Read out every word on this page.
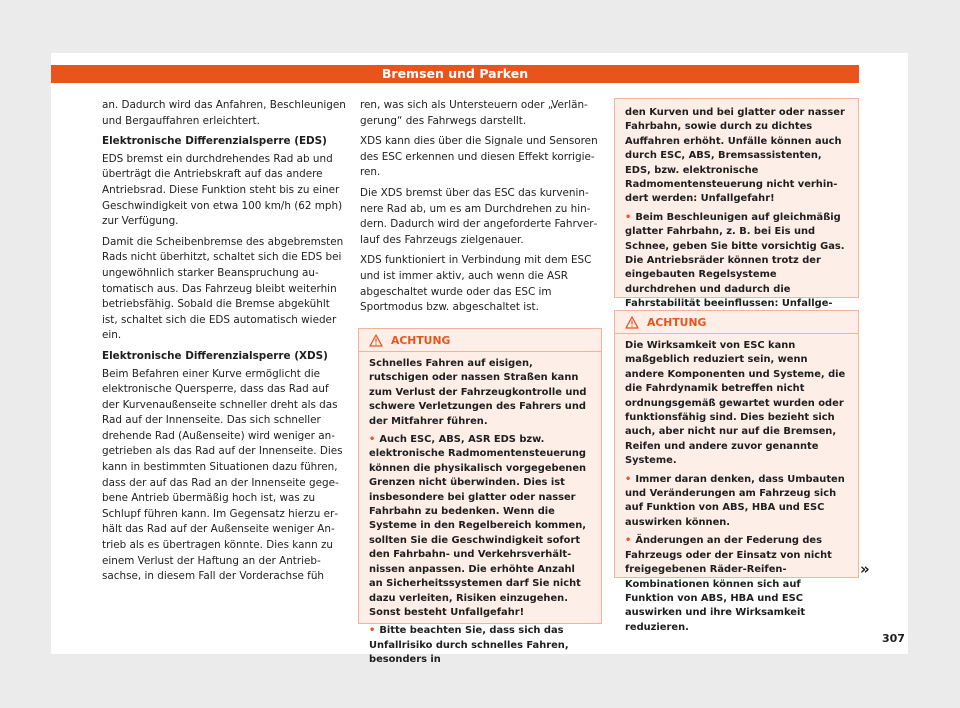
Bremsen und Parken

an. Dadurch wird das Anfahren, Beschleunigen und Bergauffahren erleichtert.

Elektronische Differenzialsperre (EDS)

EDS bremst ein durchdrehendes Rad ab und überträgt die Antriebskraft auf das andere Antriebsrad. Diese Funktion steht bis zu einer Geschwindigkeit von etwa 100 km/h (62 mph) zur Verfügung.

Damit die Scheibenbremse des abgebremsten Rads nicht überhitzt, schaltet sich die EDS bei ungewöhnlich starker Beanspruchung automatisch aus. Das Fahrzeug bleibt weiterhin betriebsfähig. Sobald die Bremse abgekühlt ist, schaltet sich die EDS automatisch wieder ein.

Elektronische Differenzialsperre (XDS)

Beim Befahren einer Kurve ermöglicht die elektronische Quersperre, dass das Rad auf der Kurvenaußenseite schneller dreht als das Rad auf der Innenseite. Das sich schneller drehende Rad (Außenseite) wird weniger angetrieben als das Rad auf der Innenseite. Dies kann in bestimmten Situationen dazu führen, dass der auf das Rad an der Innenseite gegebene Antrieb übermäßig hoch ist, was zu Schlupf führen kann. Im Gegensatz hierzu erhält das Rad auf der Außenseite weniger Antrieb als es übertragen könnte. Dies kann zu einem Verlust der Haftung an der Antriebsachse, in diesem Fall der Vorderachse füh

ren, was sich als Untersteuern oder „Verlängerung“ des Fahrwegs darstellt.

XDS kann dies über die Signale und Sensoren des ESC erkennen und diesen Effekt korrigieren.

Die XDS bremst über das ESC das kurveninnere Rad ab, um es am Durchdrehen zu hindern. Dadurch wird der angeforderte Fahrverlauf des Fahrzeugs zielgenauer.

XDS funktioniert in Verbindung mit dem ESC und ist immer aktiv, auch wenn die ASR abgeschaltet wurde oder das ESC im Sportmodus bzw. abgeschaltet ist.

ACHTUNG

Schnelles Fahren auf eisigen, rutschigen oder nassen Straßen kann zum Verlust der Fahrzeugkontrolle und schwere Verletzungen des Fahrers und der Mitfahrer führen.

• Auch ESC, ABS, ASR EDS bzw. elektronische Radmomentensteuerung können die physikalisch vorgegebenen Grenzen nicht überwinden. Dies ist insbesondere bei glatter oder nasser Fahrbahn zu bedenken. Wenn die Systeme in den Regelbereich kommen, sollten Sie die Geschwindigkeit sofort den Fahrbahn- und Verkehrsverhältnissen anpassen. Die erhöhte Anzahl an Sicherheitssystemen darf Sie nicht dazu verleiten, Risiken einzugehen. Sonst besteht Unfallgefahr!

• Bitte beachten Sie, dass sich das Unfallrisiko durch schnelles Fahren, besonders in

den Kurven und bei glatter oder nasser Fahrbahn, sowie durch zu dichtes Auffahren erhöht. Unfälle können auch durch ESC, ABS, Bremsassistenten, EDS, bzw. elektronische Radmomentensteuerung nicht verhindert werden: Unfallgefahr!

• Beim Beschleunigen auf gleichmäßig glatter Fahrbahn, z. B. bei Eis und Schnee, geben Sie bitte vorsichtig Gas. Die Antriebsräder können trotz der eingebauten Regelsysteme durchdrehen und dadurch die Fahrstabilität beeinflussen: Unfallge

ACHTUNG

Die Wirksamkeit von ESC kann maßgeblich reduziert sein, wenn andere Komponenten und Systeme, die die Fahrdynamik betreffen nicht ordnungsgemäß gewartet wurden oder funktionsfähig sind. Dies bezieht sich auch, aber nicht nur auf die Bremsen, Reifen und andere zuvor genannte Systeme.

• Immer daran denken, dass Umbauten und Veränderungen am Fahrzeug sich auf Funktion von ABS, HBA und ESC auswirken können.

• Änderungen an der Federung des Fahrzeugs oder der Einsatz von nicht freigegebenen Räder-Reifen-Kombinationen können sich auf Funktion von ABS, HBA und ESC auswirken und ihre Wirksamkeit reduzieren.

»
307
